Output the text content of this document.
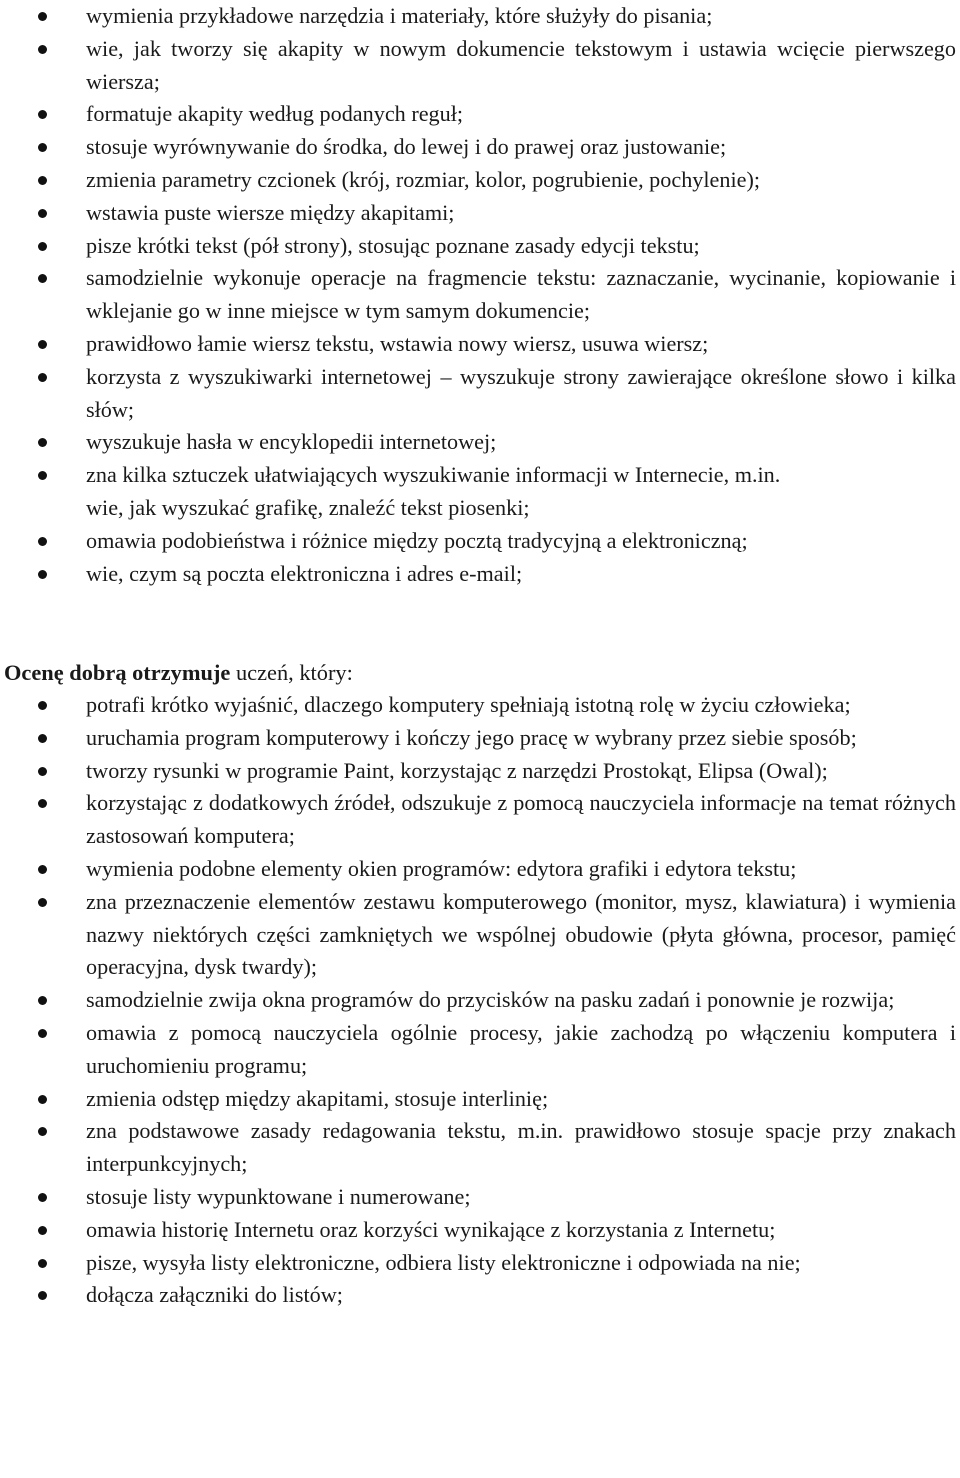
wymienia przykładowe narzędzia i materiały, które służyły do pisania;
wie, jak tworzy się akapity w nowym dokumencie tekstowym i ustawia wcięcie pierwszego wiersza;
formatuje akapity według podanych reguł;
stosuje wyrównywanie do środka, do lewej i do prawej oraz justowanie;
zmienia parametry czcionek (krój, rozmiar, kolor, pogrubienie, pochylenie);
wstawia puste wiersze między akapitami;
pisze krótki tekst (pół strony), stosując poznane zasady edycji tekstu;
samodzielnie wykonuje operacje na fragmencie tekstu: zaznaczanie, wycinanie, kopiowanie i wklejanie go w inne miejsce w tym samym dokumencie;
prawidłowo łamie wiersz tekstu, wstawia nowy wiersz, usuwa wiersz;
korzysta z wyszukiwarki internetowej – wyszukuje strony zawierające określone słowo i kilka słów;
wyszukuje hasła w encyklopedii internetowej;
zna kilka sztuczek ułatwiających wyszukiwanie informacji w Internecie, m.in.
wie, jak wyszukać grafikę, znaleźć tekst piosenki;
omawia podobieństwa i różnice między pocztą tradycyjną a elektroniczną;
wie, czym są poczta elektroniczna i adres e-mail;
Ocenę dobrą otrzymuje uczeń, który:
potrafi krótko wyjaśnić, dlaczego komputery spełniają istotną rolę w życiu człowieka;
uruchamia program komputerowy i kończy jego pracę w wybrany przez siebie sposób;
tworzy rysunki w programie Paint, korzystając z narzędzi Prostokąt, Elipsa (Owal);
korzystając z dodatkowych źródeł, odszukuje z pomocą nauczyciela informacje na temat różnych zastosowań komputera;
wymienia podobne elementy okien programów: edytora grafiki i edytora tekstu;
zna przeznaczenie elementów zestawu komputerowego (monitor, mysz, klawiatura) i wymienia nazwy niektórych części zamkniętych we wspólnej obudowie (płyta główna, procesor, pamięć operacyjna, dysk twardy);
samodzielnie zwija okna programów do przycisków na pasku zadań i ponownie je rozwija;
omawia z pomocą nauczyciela ogólnie procesy, jakie zachodzą po włączeniu komputera i uruchomieniu programu;
zmienia odstęp między akapitami, stosuje interlinię;
zna podstawowe zasady redagowania tekstu, m.in. prawidłowo stosuje spacje przy znakach interpunkcyjnych;
stosuje listy wypunktowane i numerowane;
omawia historię Internetu oraz korzyści wynikające z korzystania z Internetu;
pisze, wysyła listy elektroniczne, odbiera listy elektroniczne i odpowiada na nie;
dołącza załączniki do listów;
